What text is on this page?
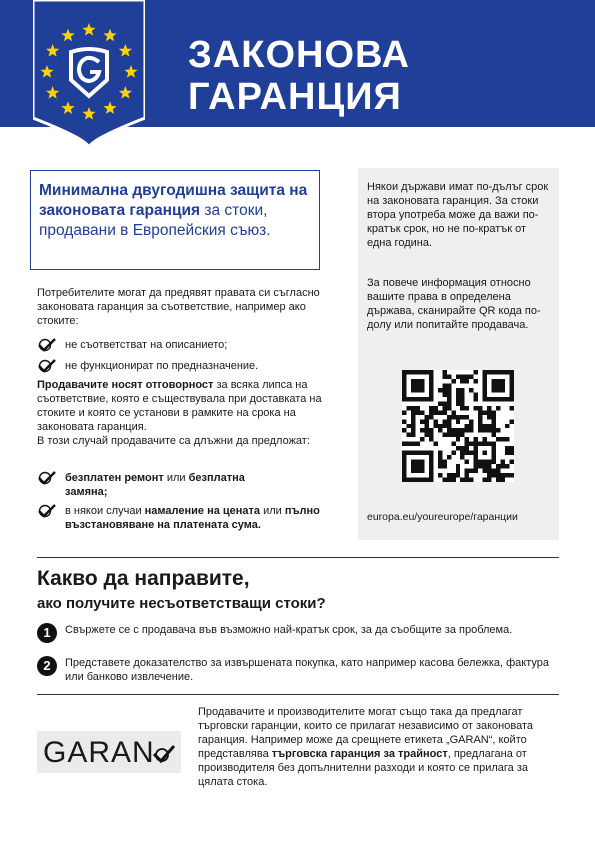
ЗАКОНОВА
ГАРАНЦИЯ
Минимална двугодишна защита на законовата гаранция за стоки, продавани в Европейския съюз.
Потребителите могат да предявят правата си съгласно законовата гаранция за съответствие, например ако стоките:
не съответстват на описанието;
не функционират по предназначение.
Продавачите носят отговорност за всяка липса на съответствие, която е съществувала при доставката на стоките и която се установи в рамките на срока на законовата гаранция.
В този случай продавачите са длъжни да предложат:
безплатен ремонт или безплатна замяна;
в някои случаи намаление на цената или пълно възстановяване на платената сума.
Някои държави имат по-дълъг срок на законовата гаранция. За стоки втора употреба може да важи по-кратък срок, но не по-кратък от една година.
За повече информация относно вашите права в определена държава, сканирайте QR кода по-долу или попитайте продавача.
europa.eu/youreurope/гаранции
Какво да направите,
ако получите несъответстващи стоки?
1	Свържете се с продавача във възможно най-кратък срок, за да съобщите за проблема.
2	Представете доказателство за извършената покупка, като например касова бележка, фактура или банково извлечение.
GARAN
Продавачите и производителите могат също така да предлагат търговски гаранции, които се прилагат независимо от законовата гаранция. Например може да срещнете етикета „GARAN“, който представлява търговска гаранция за трайност, предлагана от производителя без допълнителни разходи и която се прилага за цялата стока.
